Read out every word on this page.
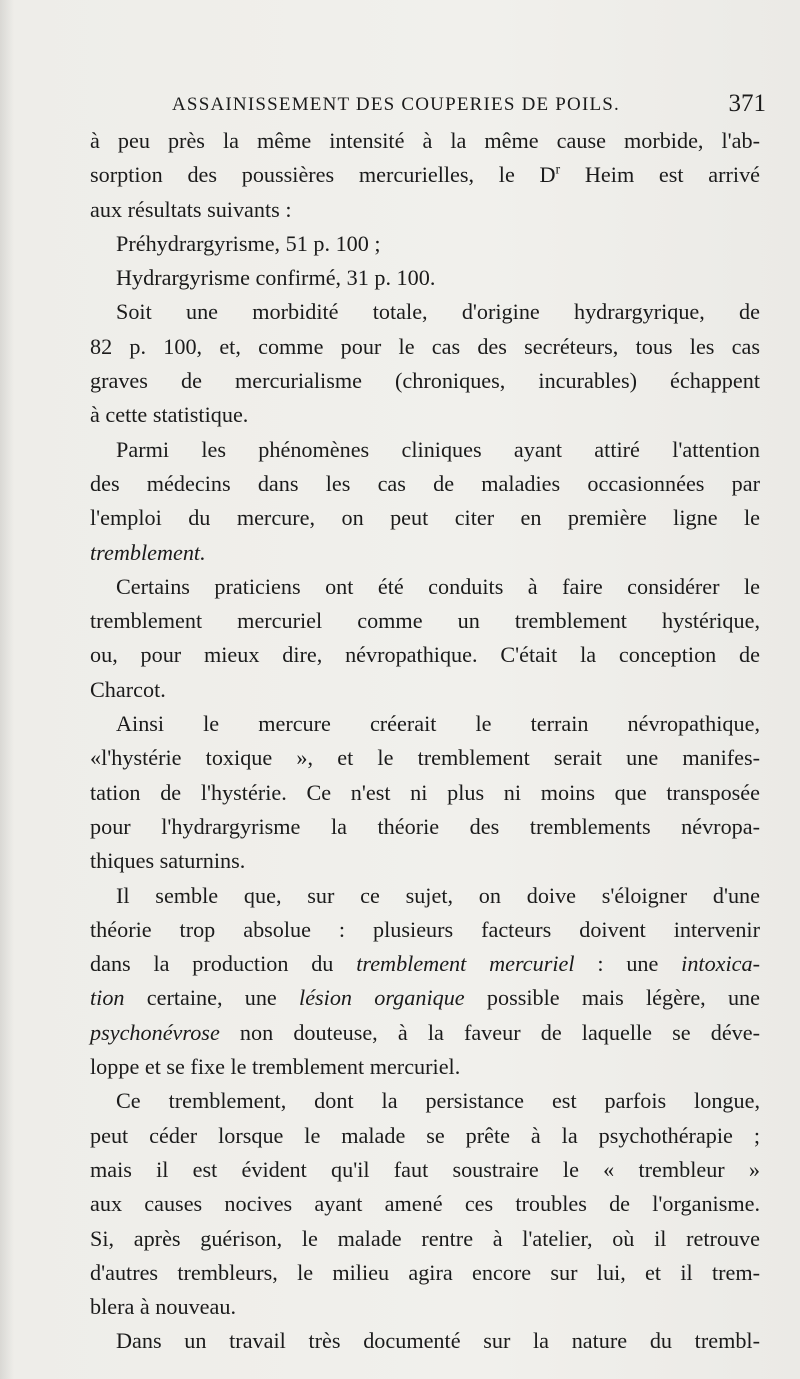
ASSAINISSEMENT DES COUPERIES DE POILS.	371
à peu près la même intensité à la même cause morbide, l'ab-
sorption des poussières mercurielles, le $D^r$ Heim est arrivé
aux résultats suivants :
Préhydrargyrisme, 51 p. 100 ;
Hydrargyrisme confirmé, 31 p. 100.
Soit une morbidité totale, d'origine hydrargyrique, de
82 p. 100, et, comme pour le cas des secréteurs, tous les cas
graves de mercurialisme (chroniques, incurables) échappent
à cette statistique.
Parmi les phénomènes cliniques ayant attiré l'attention
des médecins dans les cas de maladies occasionnées par
l'emploi du mercure, on peut citer en première ligne le
tremblement.
Certains praticiens ont été conduits à faire considérer le
tremblement mercuriel comme un tremblement hystérique,
ou, pour mieux dire, névropathique. C'était la conception de
Charcot.
Ainsi le mercure créerait le terrain névropathique,
«l'hystérie toxique », et le tremblement serait une manifes-
tation de l'hystérie. Ce n'est ni plus ni moins que transposée
pour l'hydrargyrisme la théorie des tremblements névropa-
thiques saturnins.
Il semble que, sur ce sujet, on doive s'éloigner d'une
théorie trop absolue : plusieurs facteurs doivent intervenir
dans la production du tremblement mercuriel : une intoxica-
tion certaine, une lésion organique possible mais légère, une
psychonévrose non douteuse, à la faveur de laquelle se déve-
loppe et se fixe le tremblement mercuriel.
Ce tremblement, dont la persistance est parfois longue,
peut céder lorsque le malade se prête à la psychothérapie ;
mais il est évident qu'il faut soustraire le « trembleur »
aux causes nocives ayant amené ces troubles de l'organisme.
Si, après guérison, le malade rentre à l'atelier, où il retrouve
d'autres trembleurs, le milieu agira encore sur lui, et il trem-
blera à nouveau.
Dans un travail très documenté sur la nature du trembl-
